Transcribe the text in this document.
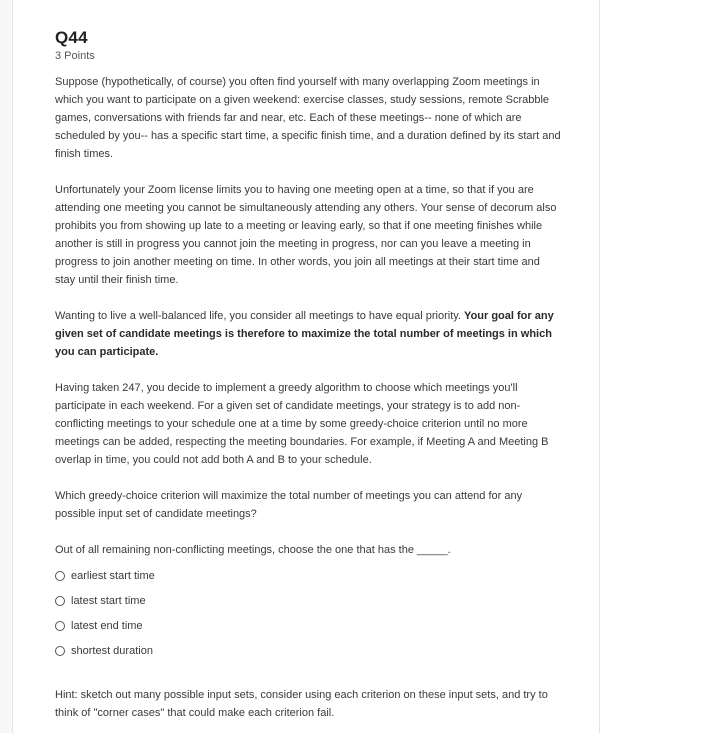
Q44
3 Points

Suppose (hypothetically, of course) you often find yourself with many overlapping Zoom meetings in which you want to participate on a given weekend: exercise classes, study sessions, remote Scrabble games, conversations with friends far and near, etc. Each of these meetings-- none of which are scheduled by you-- has a specific start time, a specific finish time, and a duration defined by its start and finish times.

Unfortunately your Zoom license limits you to having one meeting open at a time, so that if you are attending one meeting you cannot be simultaneously attending any others. Your sense of decorum also prohibits you from showing up late to a meeting or leaving early, so that if one meeting finishes while another is still in progress you cannot join the meeting in progress, nor can you leave a meeting in progress to join another meeting on time. In other words, you join all meetings at their start time and stay until their finish time.

Wanting to live a well-balanced life, you consider all meetings to have equal priority. Your goal for any given set of candidate meetings is therefore to maximize the total number of meetings in which you can participate.

Having taken 247, you decide to implement a greedy algorithm to choose which meetings you'll participate in each weekend. For a given set of candidate meetings, your strategy is to add non-conflicting meetings to your schedule one at a time by some greedy-choice criterion until no more meetings can be added, respecting the meeting boundaries. For example, if Meeting A and Meeting B overlap in time, you could not add both A and B to your schedule.

Which greedy-choice criterion will maximize the total number of meetings you can attend for any possible input set of candidate meetings?

Out of all remaining non-conflicting meetings, choose the one that has the _____.

earliest start time
latest start time
latest end time
shortest duration

Hint: sketch out many possible input sets, consider using each criterion on these input sets, and try to think of "corner cases" that could make each criterion fail.
